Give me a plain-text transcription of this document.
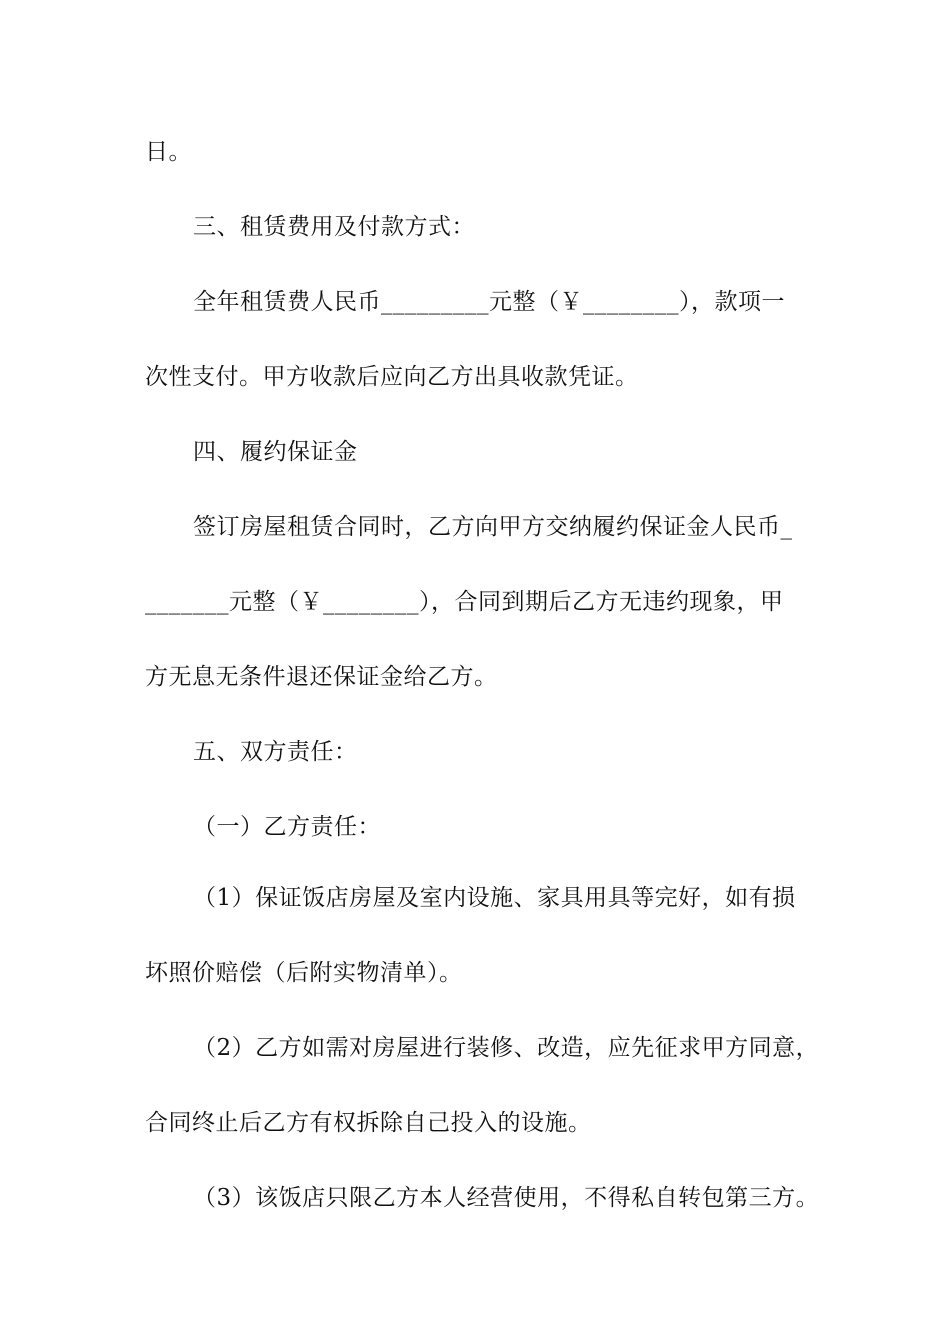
日。
三、租赁费用及付款方式：
全年租赁费人民币_________元整（￥________），款项一
次性支付。甲方收款后应向乙方出具收款凭证。
四、履约保证金
签订房屋租赁合同时，乙方向甲方交纳履约保证金人民币_
_______元整（￥________），合同到期后乙方无违约现象，甲
方无息无条件退还保证金给乙方。
五、双方责任：
（一）乙方责任：
（1）保证饭店房屋及室内设施、家具用具等完好，如有损
坏照价赔偿（后附实物清单）。
（2）乙方如需对房屋进行装修、改造，应先征求甲方同意，
合同终止后乙方有权拆除自己投入的设施。
（3）该饭店只限乙方本人经营使用，不得私自转包第三方。
